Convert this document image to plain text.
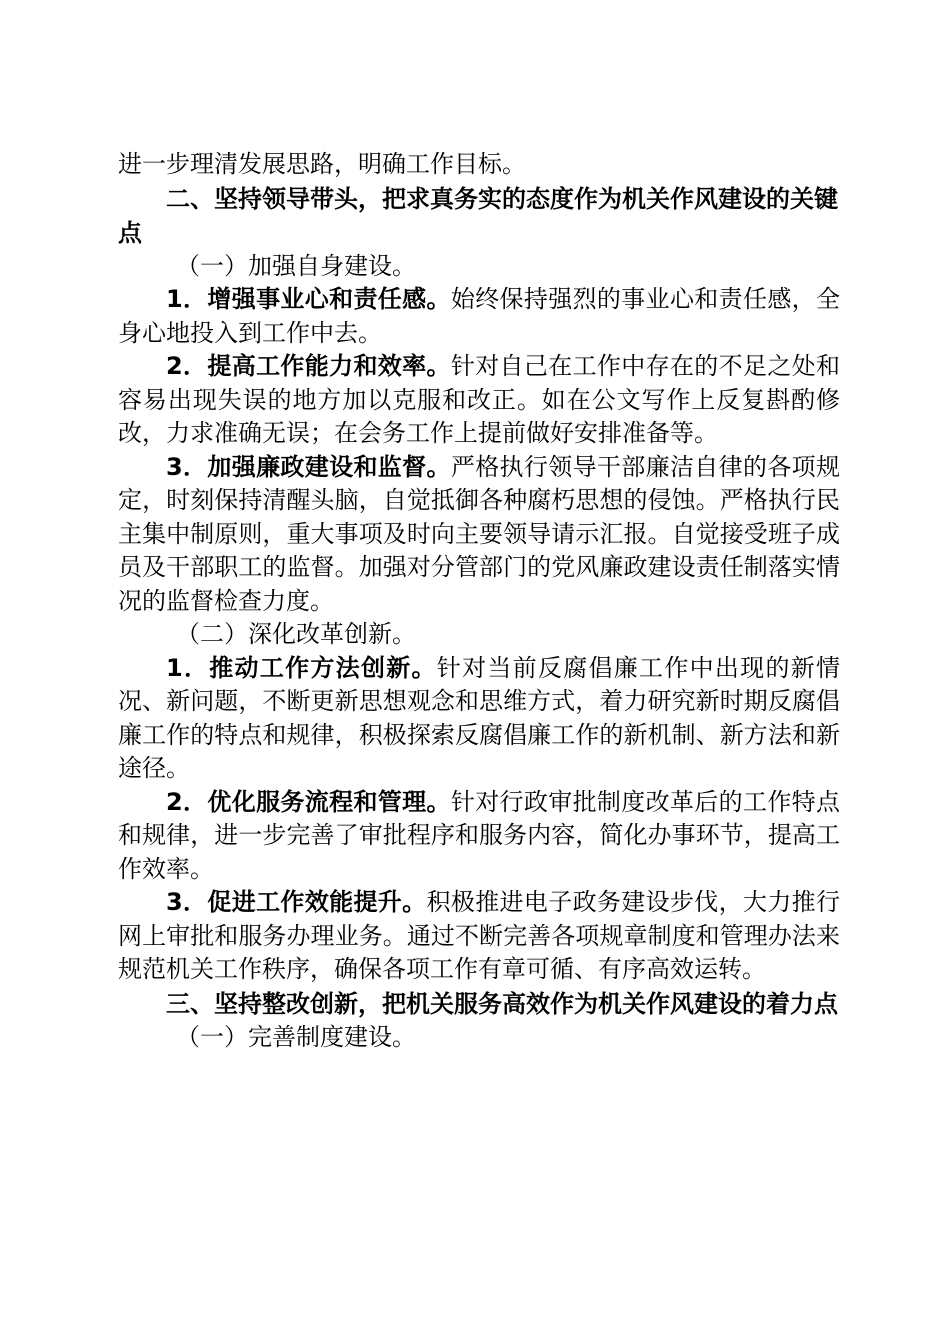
进一步理清发展思路，明确工作目标。

二、坚持领导带头，把求真务实的态度作为机关作风建设的关键点

（一）加强自身建设。

1．增强事业心和责任感。始终保持强烈的事业心和责任感，全身心地投入到工作中去。

2．提高工作能力和效率。针对自己在工作中存在的不足之处和容易出现失误的地方加以克服和改正。如在公文写作上反复斟酌修改，力求准确无误；在会务工作上提前做好安排准备等。

3．加强廉政建设和监督。严格执行领导干部廉洁自律的各项规定，时刻保持清醒头脑，自觉抵御各种腐朽思想的侵蚀。严格执行民主集中制原则，重大事项及时向主要领导请示汇报。自觉接受班子成员及干部职工的监督。加强对分管部门的党风廉政建设责任制落实情况的监督检查力度。

（二）深化改革创新。

1．推动工作方法创新。针对当前反腐倡廉工作中出现的新情况、新问题，不断更新思想观念和思维方式，着力研究新时期反腐倡廉工作的特点和规律，积极探索反腐倡廉工作的新机制、新方法和新途径。

2．优化服务流程和管理。针对行政审批制度改革后的工作特点和规律，进一步完善了审批程序和服务内容，简化办事环节，提高工作效率。

3．促进工作效能提升。积极推进电子政务建设步伐，大力推行网上审批和服务办理业务。通过不断完善各项规章制度和管理办法来规范机关工作秩序，确保各项工作有章可循、有序高效运转。

三、坚持整改创新，把机关服务高效作为机关作风建设的着力点

（一）完善制度建设。
